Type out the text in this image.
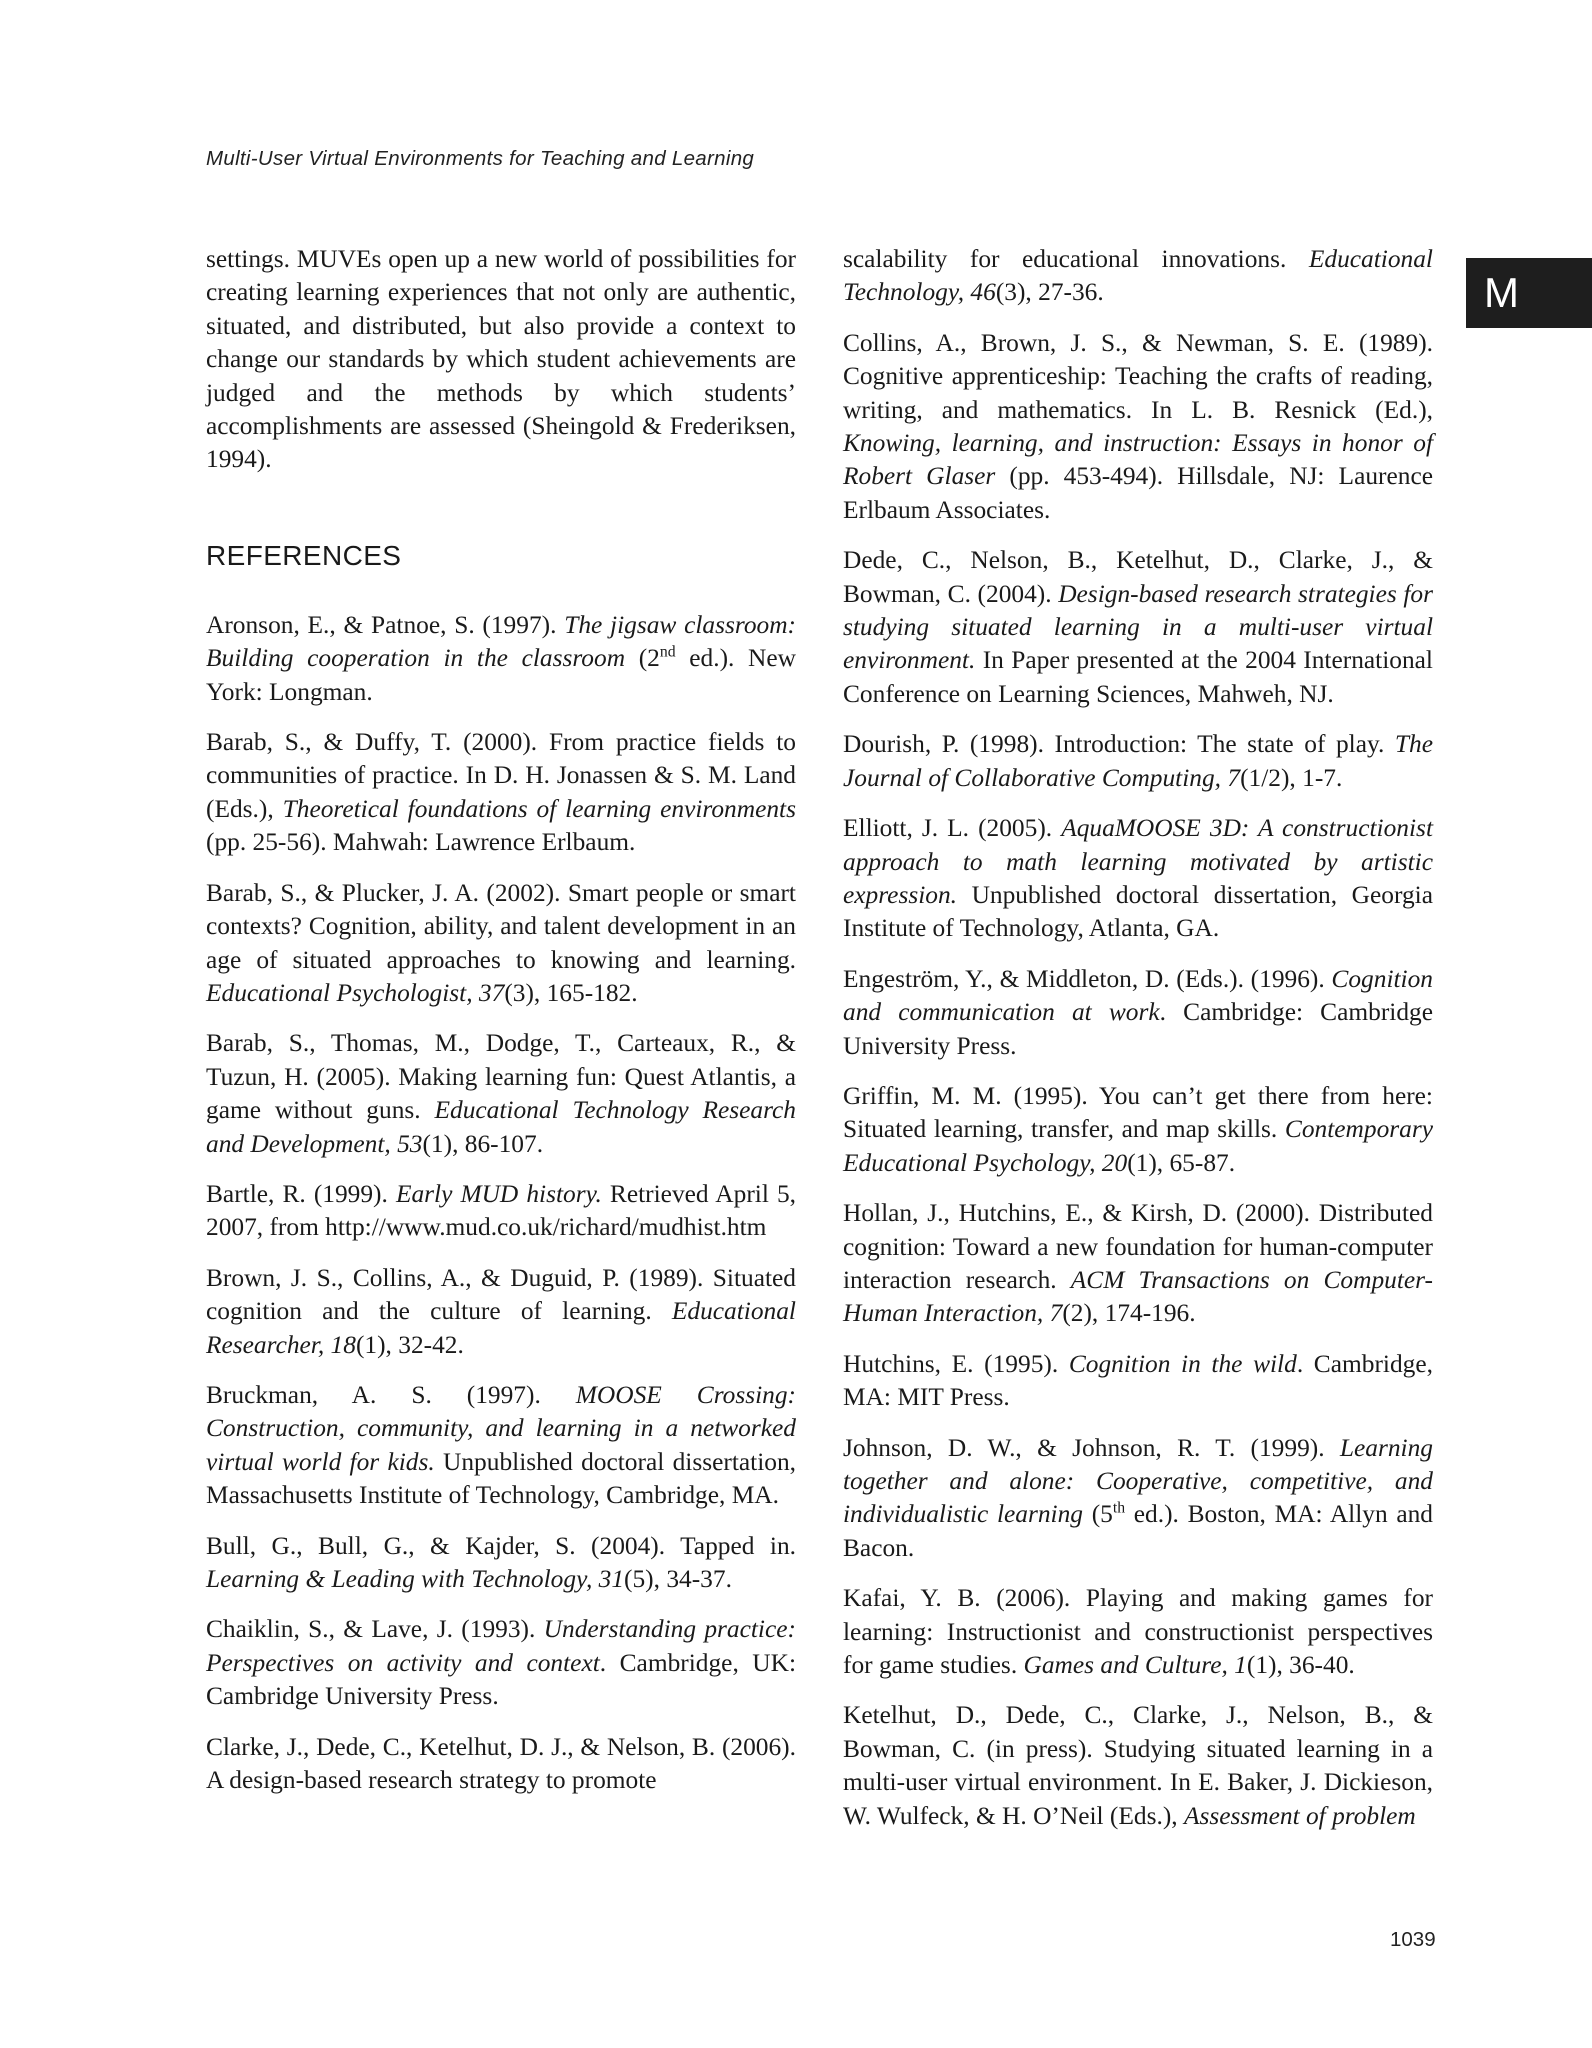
Multi-User Virtual Environments for Teaching and Learning
M

settings. MUVEs open up a new world of possibilities for creating learning experiences that not only are authentic, situated, and distributed, but also provide a context to change our standards by which student achievements are judged and the methods by which students’ accomplishments are assessed (Sheingold & Frederiksen, 1994).

REFERENCES

Aronson, E., & Patnoe, S. (1997). The jigsaw classroom: Building cooperation in the classroom (2nd ed.). New York: Longman.

Barab, S., & Duffy, T. (2000). From practice fields to communities of practice. In D. H. Jonassen & S. M. Land (Eds.), Theoretical foundations of learning environments (pp. 25-56). Mahwah: Lawrence Erlbaum.

Barab, S., & Plucker, J. A. (2002). Smart people or smart contexts? Cognition, ability, and talent development in an age of situated approaches to knowing and learning. Educational Psychologist, 37(3), 165-182.

Barab, S., Thomas, M., Dodge, T., Carteaux, R., & Tuzun, H. (2005). Making learning fun: Quest Atlantis, a game without guns. Educational Technology Research and Development, 53(1), 86-107.

Bartle, R. (1999). Early MUD history. Retrieved April 5, 2007, from http://www.mud.co.uk/richard/mudhist.htm

Brown, J. S., Collins, A., & Duguid, P. (1989). Situated cognition and the culture of learning. Educational Researcher, 18(1), 32-42.

Bruckman, A. S. (1997). MOOSE Crossing: Construction, community, and learning in a networked virtual world for kids. Unpublished doctoral dissertation, Massachusetts Institute of Technology, Cambridge, MA.

Bull, G., Bull, G., & Kajder, S. (2004). Tapped in. Learning & Leading with Technology, 31(5), 34-37.

Chaiklin, S., & Lave, J. (1993). Understanding practice: Perspectives on activity and context. Cambridge, UK: Cambridge University Press.

Clarke, J., Dede, C., Ketelhut, D. J., & Nelson, B. (2006). A design-based research strategy to promote

scalability for educational innovations. Educational Technology, 46(3), 27-36.

Collins, A., Brown, J. S., & Newman, S. E. (1989). Cognitive apprenticeship: Teaching the crafts of reading, writing, and mathematics. In L. B. Resnick (Ed.), Knowing, learning, and instruction: Essays in honor of Robert Glaser (pp. 453-494). Hillsdale, NJ: Laurence Erlbaum Associates.

Dede, C., Nelson, B., Ketelhut, D., Clarke, J., & Bowman, C. (2004). Design-based research strategies for studying situated learning in a multi-user virtual environment. In Paper presented at the 2004 International Conference on Learning Sciences, Mahweh, NJ.

Dourish, P. (1998). Introduction: The state of play. The Journal of Collaborative Computing, 7(1/2), 1-7.

Elliott, J. L. (2005). AquaMOOSE 3D: A constructionist approach to math learning motivated by artistic expression. Unpublished doctoral dissertation, Georgia Institute of Technology, Atlanta, GA.

Engeström, Y., & Middleton, D. (Eds.). (1996). Cognition and communication at work. Cambridge: Cambridge University Press.

Griffin, M. M. (1995). You can’t get there from here: Situated learning, transfer, and map skills. Contemporary Educational Psychology, 20(1), 65-87.

Hollan, J., Hutchins, E., & Kirsh, D. (2000). Distributed cognition: Toward a new foundation for human-computer interaction research. ACM Transactions on Computer-Human Interaction, 7(2), 174-196.

Hutchins, E. (1995). Cognition in the wild. Cambridge, MA: MIT Press.

Johnson, D. W., & Johnson, R. T. (1999). Learning together and alone: Cooperative, competitive, and individualistic learning (5th ed.). Boston, MA: Allyn and Bacon.

Kafai, Y. B. (2006). Playing and making games for learning: Instructionist and constructionist perspectives for game studies. Games and Culture, 1(1), 36-40.

Ketelhut, D., Dede, C., Clarke, J., Nelson, B., & Bowman, C. (in press). Studying situated learning in a multi-user virtual environment. In E. Baker, J. Dickieson, W. Wulfeck, & H. O’Neil (Eds.), Assessment of problem

1039
